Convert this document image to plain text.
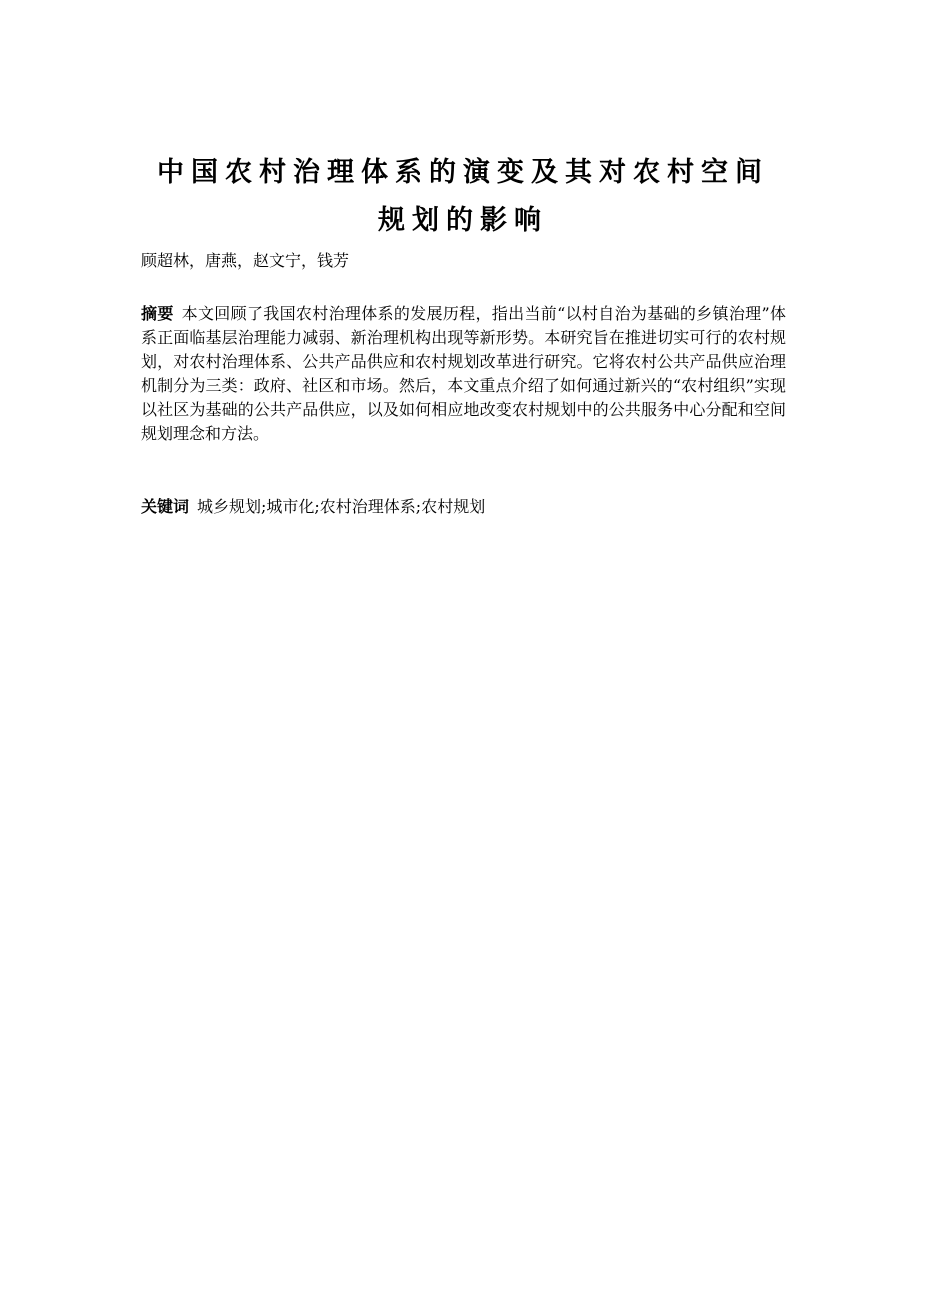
中国农村治理体系的演变及其对农村空间
规划的影响

顾超林，唐燕，赵文宁，钱芳

摘要 本文回顾了我国农村治理体系的发展历程，指出当前“以村自治为基础的乡镇治理”体系正面临基层治理能力减弱、新治理机构出现等新形势。本研究旨在推进切实可行的农村规划，对农村治理体系、公共产品供应和农村规划改革进行研究。它将农村公共产品供应治理机制分为三类：政府、社区和市场。然后，本文重点介绍了如何通过新兴的“农村组织”实现以社区为基础的公共产品供应，以及如何相应地改变农村规划中的公共服务中心分配和空间规划理念和方法。

关键词 城乡规划;城市化;农村治理体系;农村规划
